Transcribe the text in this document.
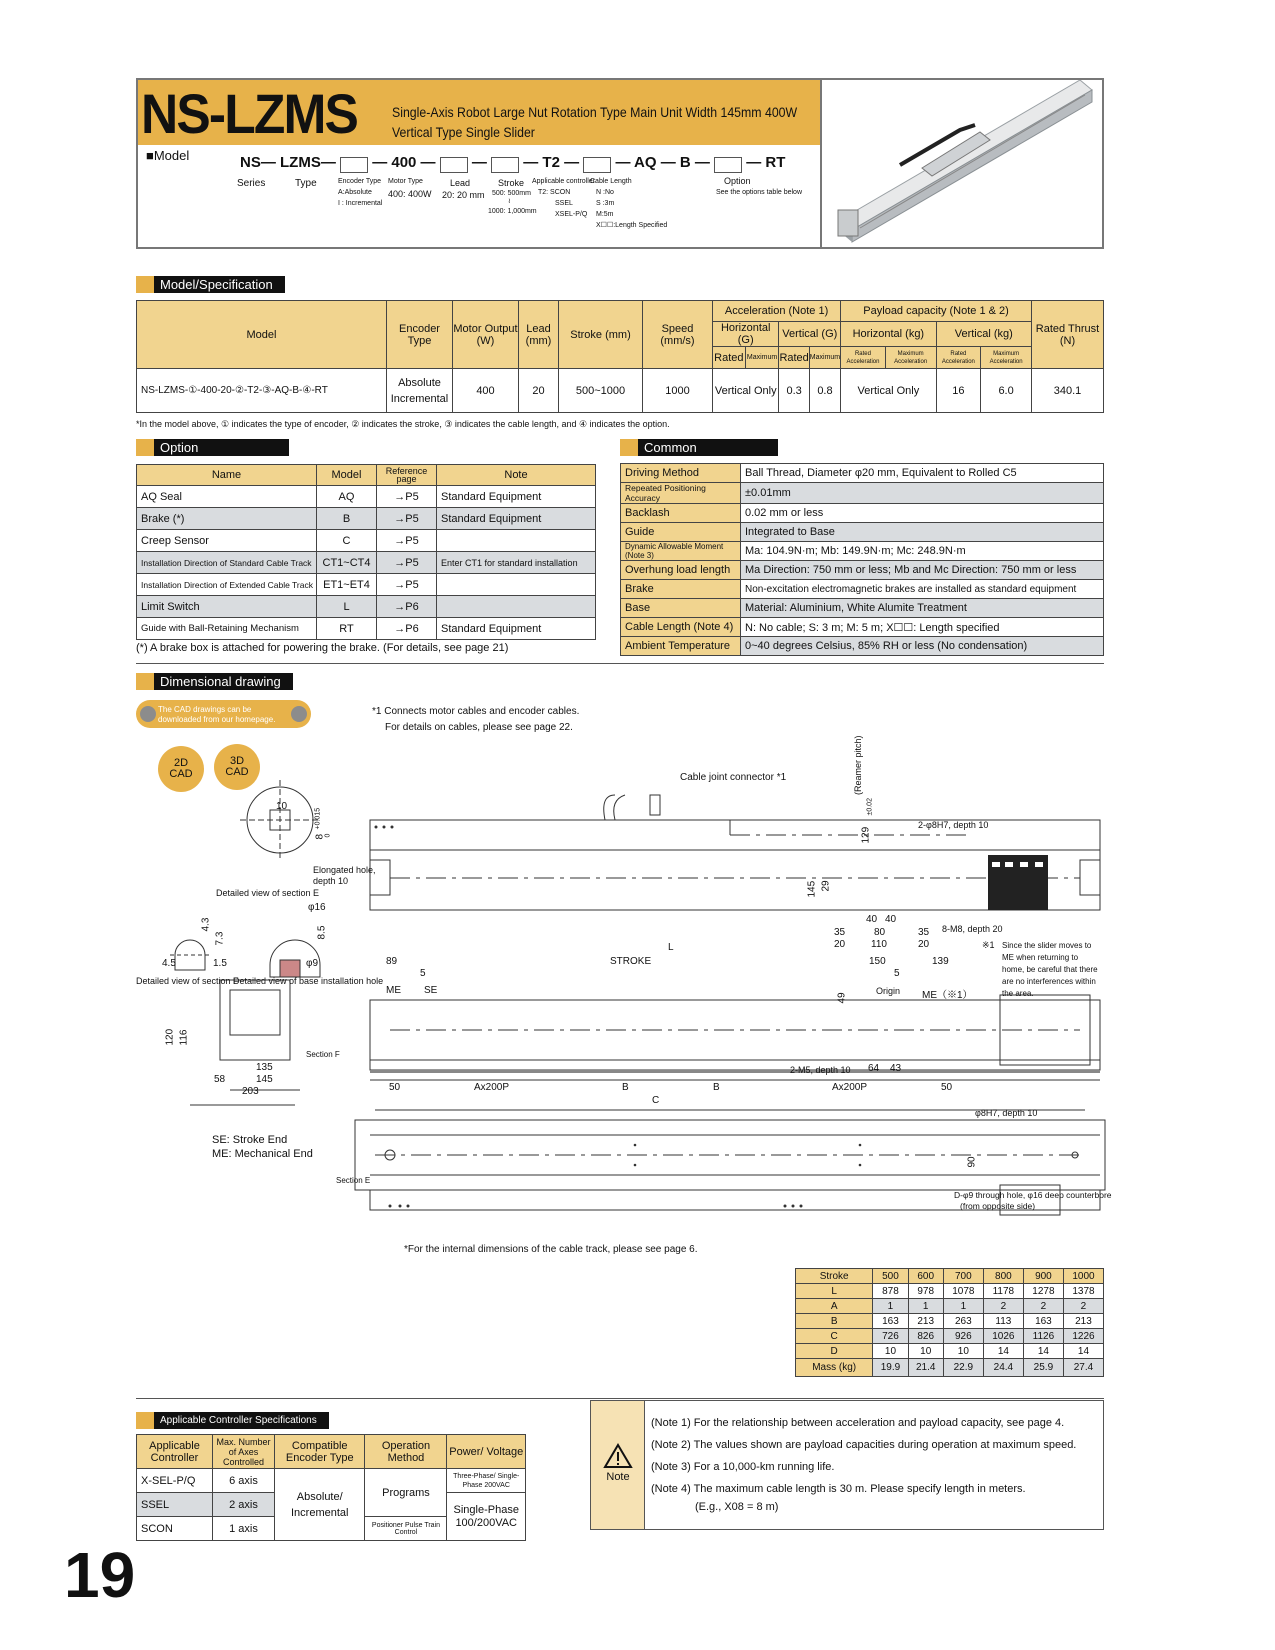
NS-LZMS Single-Axis Robot Large Nut Rotation Type Main Unit Width 145mm 400W
Vertical Type Single Slider
■Model	NS— LZMS— — 400 — — — T2 — — AQ — B — — RT
Series	Type	Encoder Type
A:Absolute
I : Incremental
Motor Type
400: 400W
Lead
20: 20 mm
Stroke
500: 500mm
≀
1000: 1,000mm
Applicable controller
T2: SCON
SSEL
XSEL-P/Q
Cable Length
N :No
S :3m
M:5m
X☐☐:Length Specified
Option
See the options table below
Model/Specification
Model	Encoder Type	Motor Output (W)	Lead (mm)	Stroke (mm)	Speed (mm/s)	Acceleration (Note 1)				Payload capacity (Note 1 & 2)				Rated Thrust (N)
						Horizontal (G)		Vertical (G)		Horizontal (kg)		Vertical (kg)		
						Rated	Maximum	Rated	Maximum	Rated Acceleration	Maximum Acceleration	Rated Acceleration	Maximum Acceleration	
NS-LZMS-①-400-20-②-T2-③-AQ-B-④-RT	Absolute
Incremental	400	20	500~1000	1000	Vertical Only		0.3	0.8	Vertical Only		16	6.0	340.1
*In the model above, ① indicates the type of encoder, ② indicates the stroke, ③ indicates the cable length, and ④ indicates the option.
Option
Name	Model	Reference page	Note
AQ Seal	AQ	→P5	Standard Equipment
Brake (*)	B	→P5	Standard Equipment
Creep Sensor	C	→P5	
Installation Direction of Standard Cable Track	CT1~CT4	→P5	Enter CT1 for standard installation
Installation Direction of Extended Cable Track	ET1~ET4	→P5	
Limit Switch	L	→P6	
Guide with Ball-Retaining Mechanism	RT	→P6	Standard Equipment
(*) A brake box is attached for powering the brake. (For details, see page 21)
Common
Driving Method	Ball Thread, Diameter φ20 mm, Equivalent to Rolled C5
Repeated Positioning Accuracy	±0.01mm
Backlash	0.02 mm or less
Guide	Integrated to Base
Dynamic Allowable Moment (Note 3)	Ma: 104.9N·m; Mb: 149.9N·m; Mc: 248.9N·m
Overhung load length	Ma Direction: 750 mm or less; Mb and Mc Direction: 750 mm or less
Brake	Non-excitation electromagnetic brakes are installed as standard equipment
Base	Material: Aluminium, White Alumite Treatment
Cable Length (Note 4)	N: No cable; S: 3 m; M: 5 m; X☐☐: Length specified
Ambient Temperature	0~40 degrees Celsius, 85% RH or less (No condensation)
Dimensional drawing
The CAD drawings can be downloaded from our homepage.
2D
CAD
3D
CAD
*1 Connects motor cables and encoder cables.
For details on cables, please see page 22.
Cable joint connector *1	(Reamer pitch)
±0.02
129
2-φ8H7, depth 10
145 29
40 40
35	80	35 8-M8, depth 20
20	110	20
10
8
+0.015
0
Elongated hole,
depth 10
Detailed view of section E
φ16
4.3
7.3	8.5
4.5	1.5	φ9
Detailed view of section F
Detailed view of base installation hole
L
89
5
ME SE
STROKE	150	139
5
Origin ME（※1）
49
※1 Since the slider moves to ME when returning to home, be careful that there are no interferences within the area.
120 116
Section F
135
58	145
203
2-M5, depth 10 64 43
50	Ax200P	B	B	Ax200P	50
C
φ8H7, depth 10
90
Section E
D-φ9 through hole, φ16 deep counterbore
(from opposite side)
SE: Stroke End
ME: Mechanical End
*For the internal dimensions of the cable track, please see page 6.
Stroke	500	600	700	800	900	1000
L	878	978	1078	1178	1278	1378
A	1	1	1	2	2	2
B	163	213	263	113	163	213
C	726	826	926	1026	1126	1226
D	10	10	10	14	14	14
Mass (kg)	19.9	21.4	22.9	24.4	25.9	27.4
Applicable Controller Specifications
Applicable Controller	Max. Number of Axes Controlled	Compatible Encoder Type	Operation Method	Power/ Voltage
X-SEL-P/Q	6 axis	Absolute/ Incremental	Programs	Three-Phase/ Single-Phase 200VAC
SSEL	2 axis			Single-Phase 100/200VAC
SCON	1 axis		Positioner Pulse Train Control	
Note
(Note 1) For the relationship between acceleration and payload capacity, see page 4.
(Note 2) The values shown are payload capacities during operation at maximum speed.
(Note 3) For a 10,000-km running life.
(Note 4) The maximum cable length is 30 m. Please specify length in meters.
(E.g., X08 = 8 m)
19
